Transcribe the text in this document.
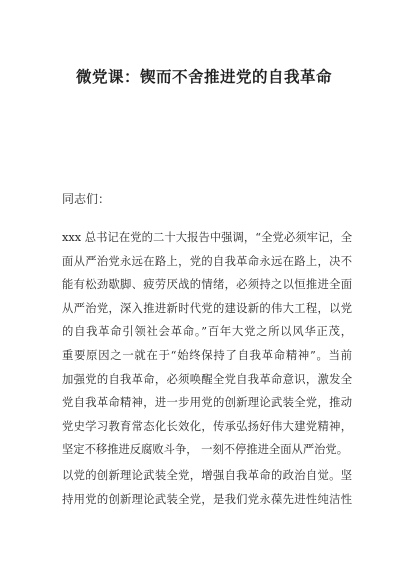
微党课：锲而不舍推进党的自我革命
同志们：
xxx 总书记在党的二十大报告中强调，“全党必须牢记，全
面从严治党永远在路上，党的自我革命永远在路上，决不
能有松劲歇脚、疲劳厌战的情绪，必须持之以恒推进全面
从严治党，深入推进新时代党的建设新的伟大工程，以党
的自我革命引领社会革命。”百年大党之所以风华正茂，
重要原因之一就在于“始终保持了自我革命精神”。当前
加强党的自我革命，必须唤醒全党自我革命意识，激发全
党自我革命精神，进一步用党的创新理论武装全党，推动
党史学习教育常态化长效化，传承弘扬好伟大建党精神，
坚定不移推进反腐败斗争， 一刻不停推进全面从严治党。
以党的创新理论武装全党，增强自我革命的政治自觉。坚
持用党的创新理论武装全党，是我们党永葆先进性纯洁性
